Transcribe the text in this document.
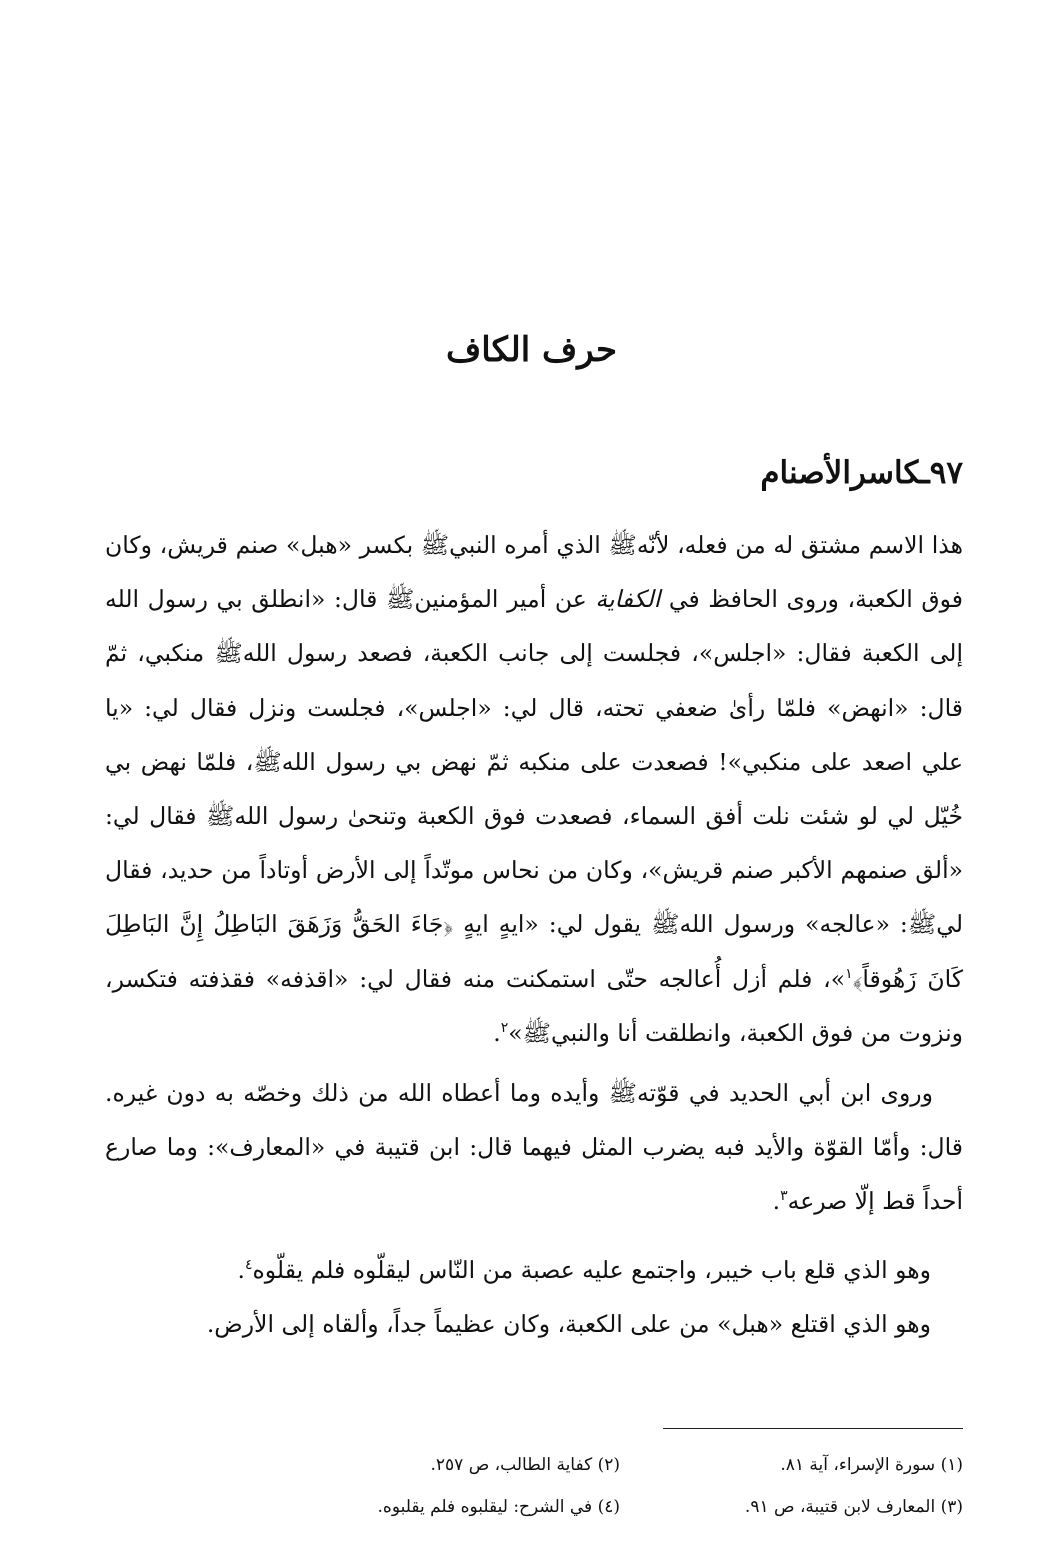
حرف الكاف
٩٧ـكاسرالأصنام

هذا الاسم مشتق له من فعله، لأنّهﷺ الذي أمره النبيﷺ بكسر «هبل» صنم قريش، وكان فوق الكعبة، وروى الحافظ في الكفاية عن أمير المؤمنينﷺ قال: «انطلق بي رسول الله إلى الكعبة فقال: «اجلس»، فجلست إلى جانب الكعبة، فصعد رسول اللهﷺ منكبي، ثمّ قال: «انهض» فلمّا رأىٰ ضعفي تحته، قال لي: «اجلس»، فجلست ونزل فقال لي: «يا علي اصعد على منكبي»! فصعدت على منكبه ثمّ نهض بي رسول اللهﷺ، فلمّا نهض بي خُيّل لي لو شئت نلت أفق السماء، فصعدت فوق الكعبة وتنحىٰ رسول اللهﷺ فقال لي: «ألق صنمهم الأكبر صنم قريش»، وكان من نحاس موتّداً إلى الأرض أوتاداً من حديد، فقال ليﷺ: «عالجه» ورسول اللهﷺ يقول لي: «ايهٍ ايهٍ ﴿جَاءَ الحَقُّ وَزَهَقَ البَاطِلُ إِنَّ البَاطِلَ كَانَ زَهُوقاً﴾$^١$»، فلم أزل أُعالجه حتّى استمكنت منه فقال لي: «اقذفه» فقذفته فتكسر، ونزوت من فوق الكعبة، وانطلقت أنا والنبيﷺ»$^٢$.

وروى ابن أبي الحديد في قوّتهﷺ وأيده وما أعطاه الله من ذلك وخصّه به دون غيره. قال: وأمّا القوّة والأيد فبه يضرب المثل فيهما قال: ابن قتيبة في «المعارف»: وما صارع أحداً قط إلّا صرعه$^٣$.

وهو الذي قلع باب خيبر، واجتمع عليه عصبة من النّاس ليقلّوه فلم يقلّوه$^٤$.

وهو الذي اقتلع «هبل» من على الكعبة، وكان عظيماً جداً، وألقاه إلى الأرض.

(١) سورة الإسراء، آية ٨١.
(٢) كفاية الطالب، ص ٢٥٧.
(٣) المعارف لابن قتيبة، ص ٩١.
(٤) في الشرح: ليقلبوه فلم يقلبوه.
